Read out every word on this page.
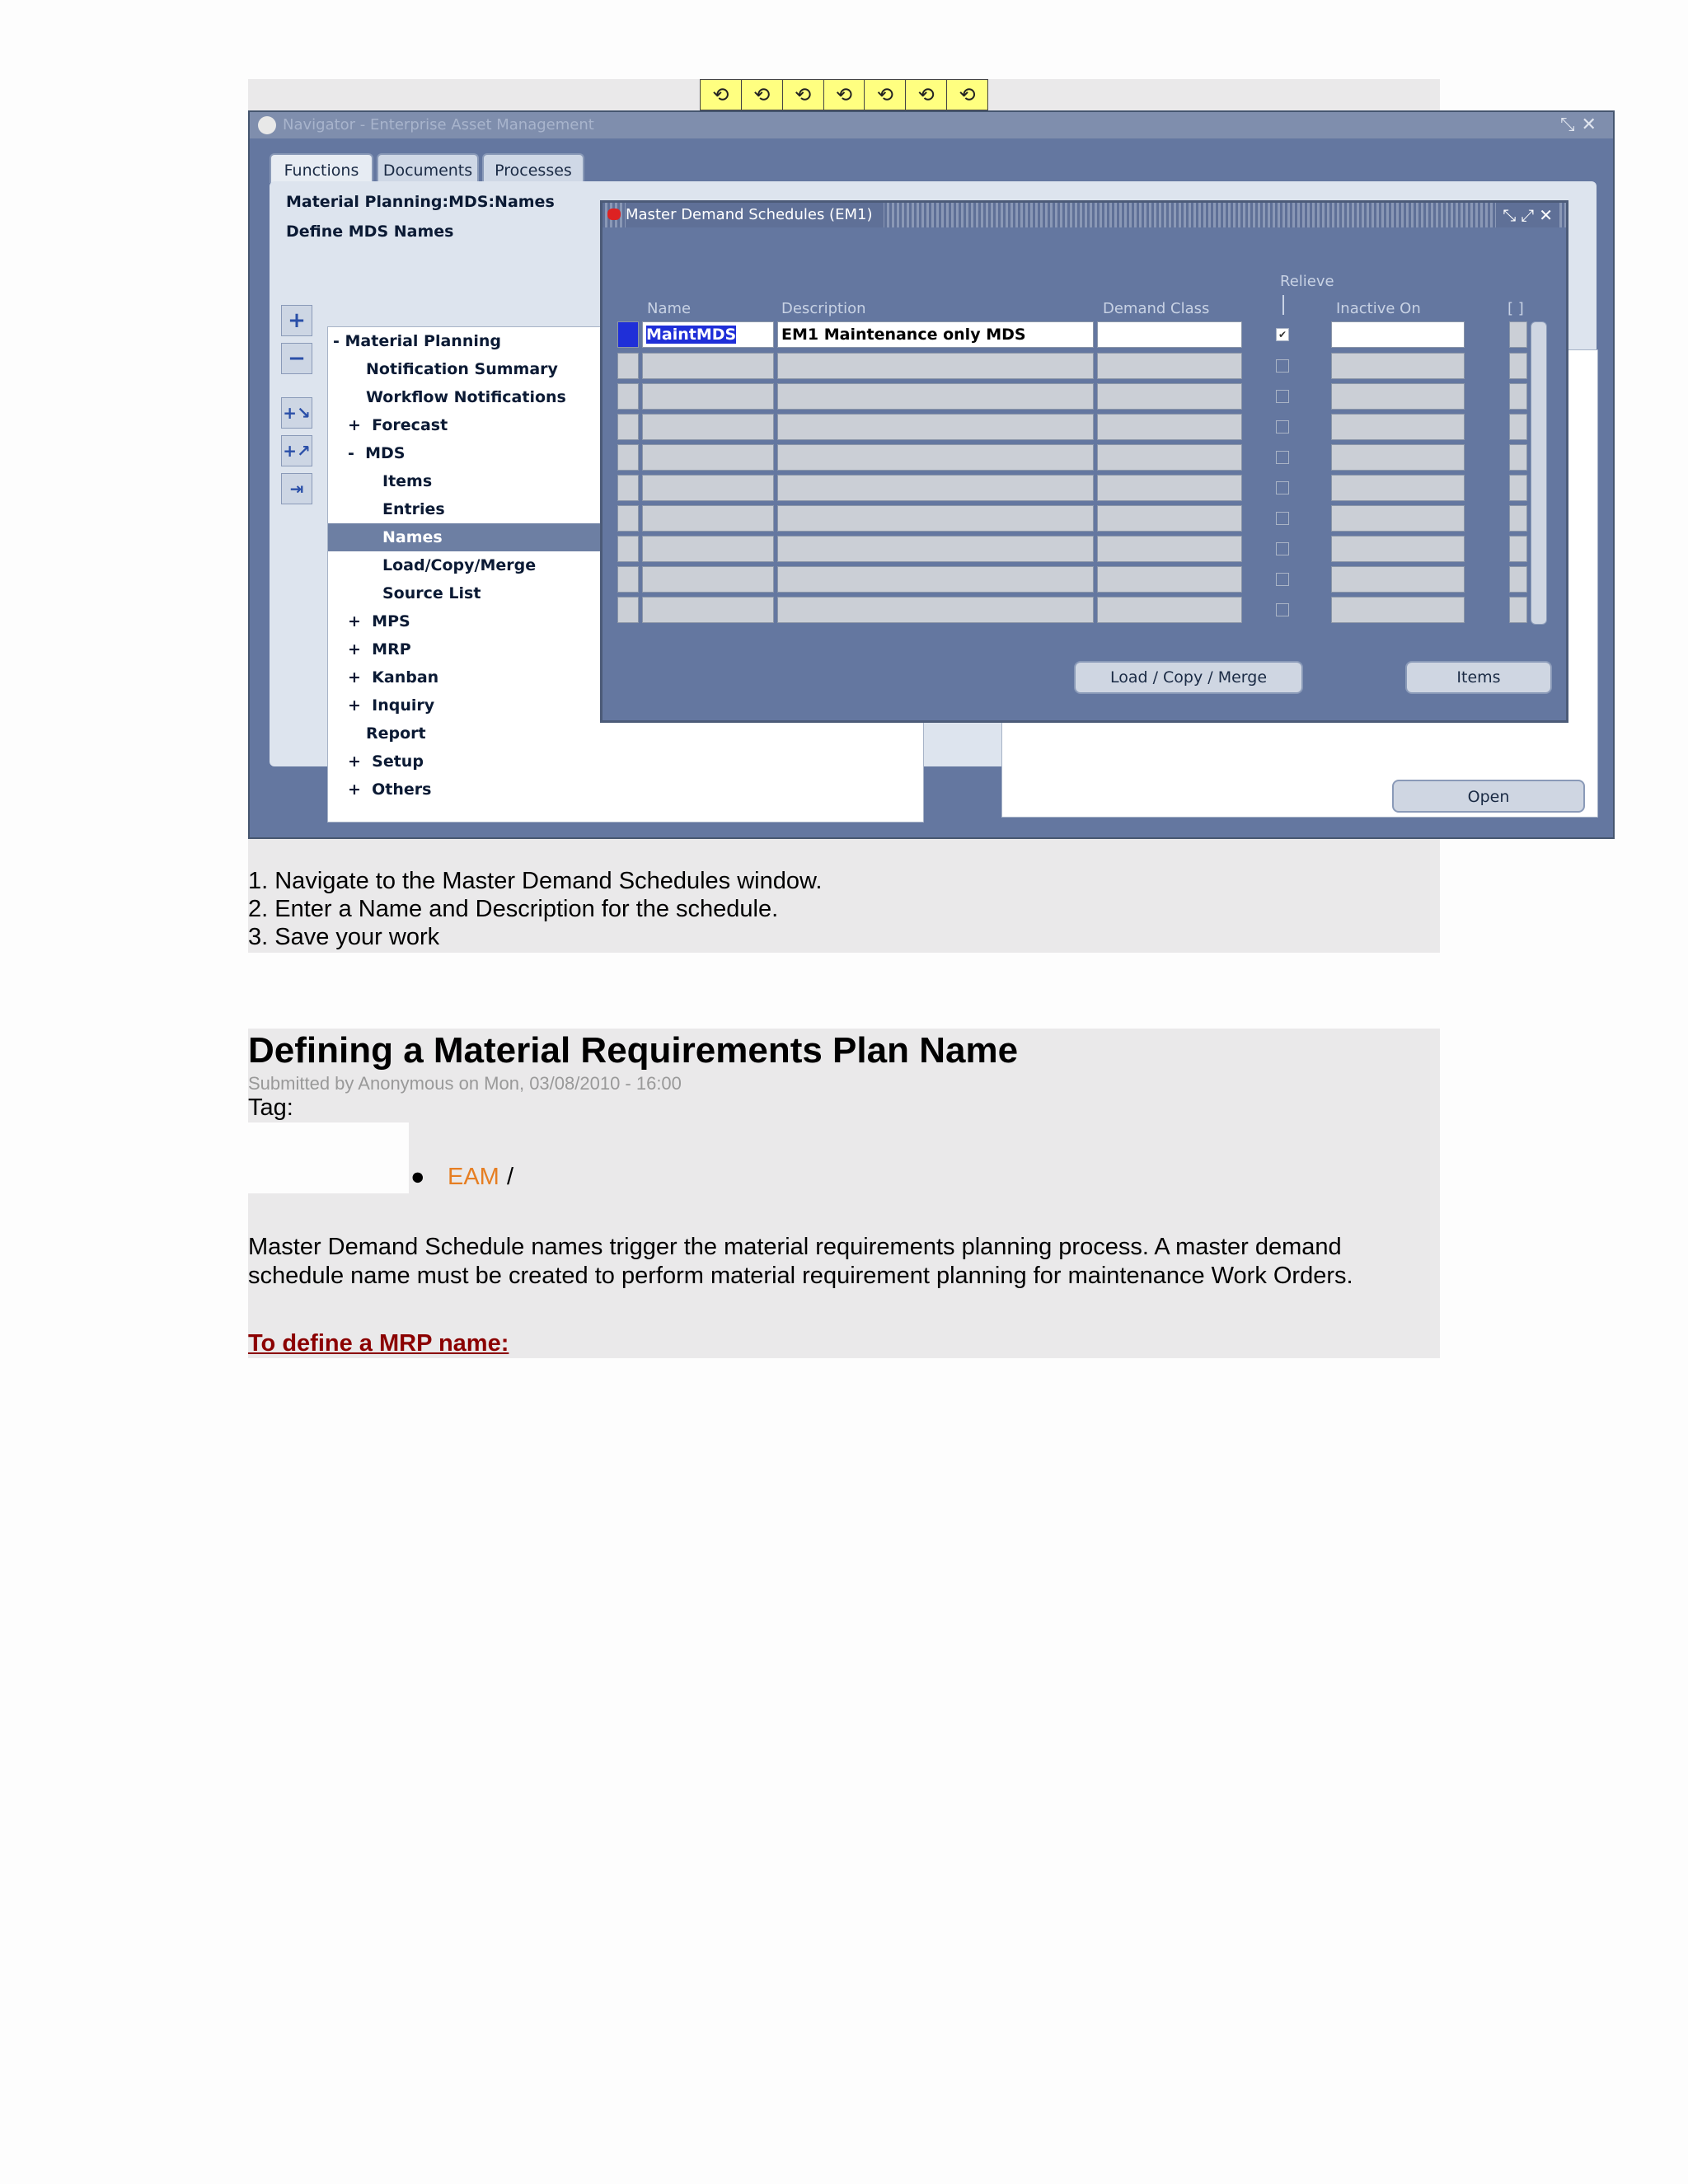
⟲	⟲	⟲	⟲	⟲	⟲	⟲
Navigator - Enterprise Asset Management	⤡✕
Functions	Documents	Processes
Material Planning:MDS:Names
Define MDS Names
+
−
+↘
+↗
⇥
- Material Planning
Notification Summary
Workflow Notifications
+ Forecast
- MDS
Items
Entries
Names
Load/Copy/Merge
Source List
+ MPS
+ MRP
+ Kanban
+ Inquiry
Report
+ Setup
+ Others	Open
Master Demand Schedules (EM1)	⤡⤢✕
Relieve
Name	Description	Demand Class	Inactive On	[ ]
MaintMDS	EM1 Maintenance only MDS	✔
Load / Copy / Merge	Items
1. Navigate to the Master Demand Schedules window.
2. Enter a Name and Description for the schedule.
3. Save your work
Defining a Material Requirements Plan Name
Submitted by Anonymous on Mon, 03/08/2010 - 16:00
Tag:
● EAM /
Master Demand Schedule names trigger the material requirements planning process. A master demand schedule name must be created to perform material requirement planning for maintenance Work Orders.
To define a MRP name:
